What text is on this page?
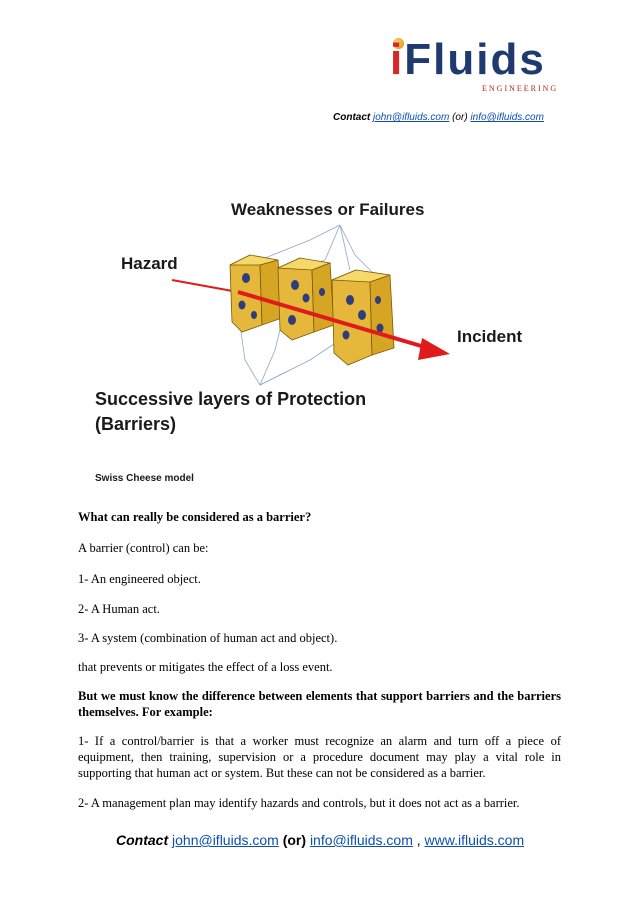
iFluids
ENGINEERING
Contact john@ifluids.com (or) info@ifluids.com
Weaknesses or Failures
Hazard
Incident
Successive layers of Protection
(Barriers)
Swiss Cheese model
What can really be considered as a barrier?
A barrier (control) can be:
1- An engineered object.
2- A Human act.
3- A system (combination of human act and object).
that prevents or mitigates the effect of a loss event.
But we must know the difference between elements that support barriers and the barriers themselves. For example:
1- If a control/barrier is that a worker must recognize an alarm and turn off a piece of equipment, then training, supervision or a procedure document may play a vital role in supporting that human act or system. But these can not be considered as a barrier.
2- A management plan may identify hazards and controls, but it does not act as a barrier.
Contact john@ifluids.com (or) info@ifluids.com , www.ifluids.com
